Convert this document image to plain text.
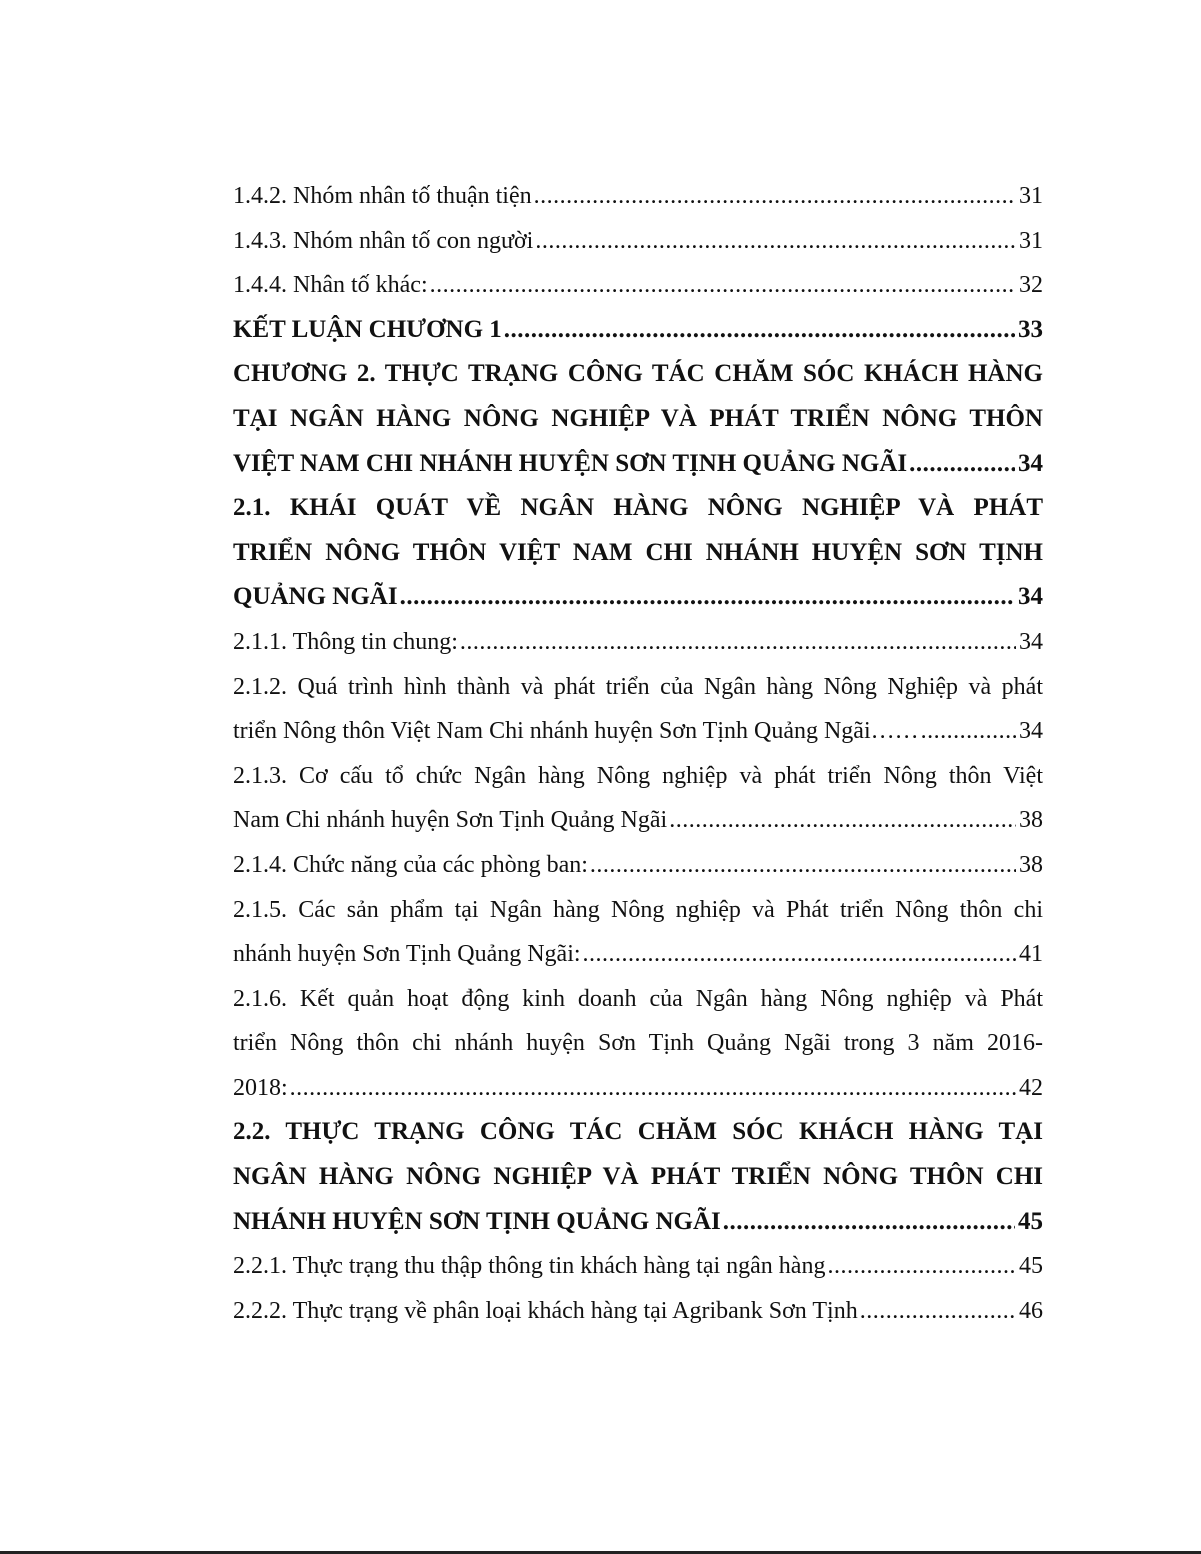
1.4.2. Nhóm nhân tố thuận tiện .....	31
1.4.3. Nhóm nhân tố con người .....	31
1.4.4. Nhân tố khác: .....	32
KẾT LUẬN CHƯƠNG 1 .....	33
CHƯƠNG 2. THỰC TRẠNG CÔNG TÁC CHĂM SÓC KHÁCH HÀNG
TẠI NGÂN HÀNG NÔNG NGHIỆP VÀ PHÁT TRIỂN NÔNG THÔN
VIỆT NAM CHI NHÁNH HUYỆN SƠN TỊNH QUẢNG NGÃI .....	34
2.1. KHÁI QUÁT VỀ NGÂN HÀNG NÔNG NGHIỆP VÀ PHÁT
TRIỂN NÔNG THÔN VIỆT NAM CHI NHÁNH HUYỆN SƠN TỊNH
QUẢNG NGÃI .....	34
2.1.1. Thông tin chung: .....	34
2.1.2. Quá trình hình thành và phát triển của Ngân hàng Nông Nghiệp và phát
triển Nông thôn Việt Nam Chi nhánh huyện Sơn Tịnh Quảng Ngãi…… .....	34
2.1.3. Cơ cấu tổ chức Ngân hàng Nông nghiệp và phát triển Nông thôn Việt
Nam Chi nhánh huyện Sơn Tịnh Quảng Ngãi .....	38
2.1.4. Chức năng của các phòng ban: .....	38
2.1.5. Các sản phẩm tại Ngân hàng Nông nghiệp và Phát triển Nông thôn chi
nhánh huyện Sơn Tịnh Quảng Ngãi: .....	41
2.1.6. Kết quản hoạt động kinh doanh của Ngân hàng Nông nghiệp và Phát
triển Nông thôn chi nhánh huyện Sơn Tịnh Quảng Ngãi trong 3 năm 2016-
2018: .....	42
2.2. THỰC TRẠNG CÔNG TÁC CHĂM SÓC KHÁCH HÀNG TẠI
NGÂN HÀNG NÔNG NGHIỆP VÀ PHÁT TRIỂN NÔNG THÔN CHI
NHÁNH HUYỆN SƠN TỊNH QUẢNG NGÃI .....	45
2.2.1. Thực trạng thu thập thông tin khách hàng tại ngân hàng .....	45
2.2.2. Thực trạng về phân loại khách hàng tại Agribank Sơn Tịnh .....	46
